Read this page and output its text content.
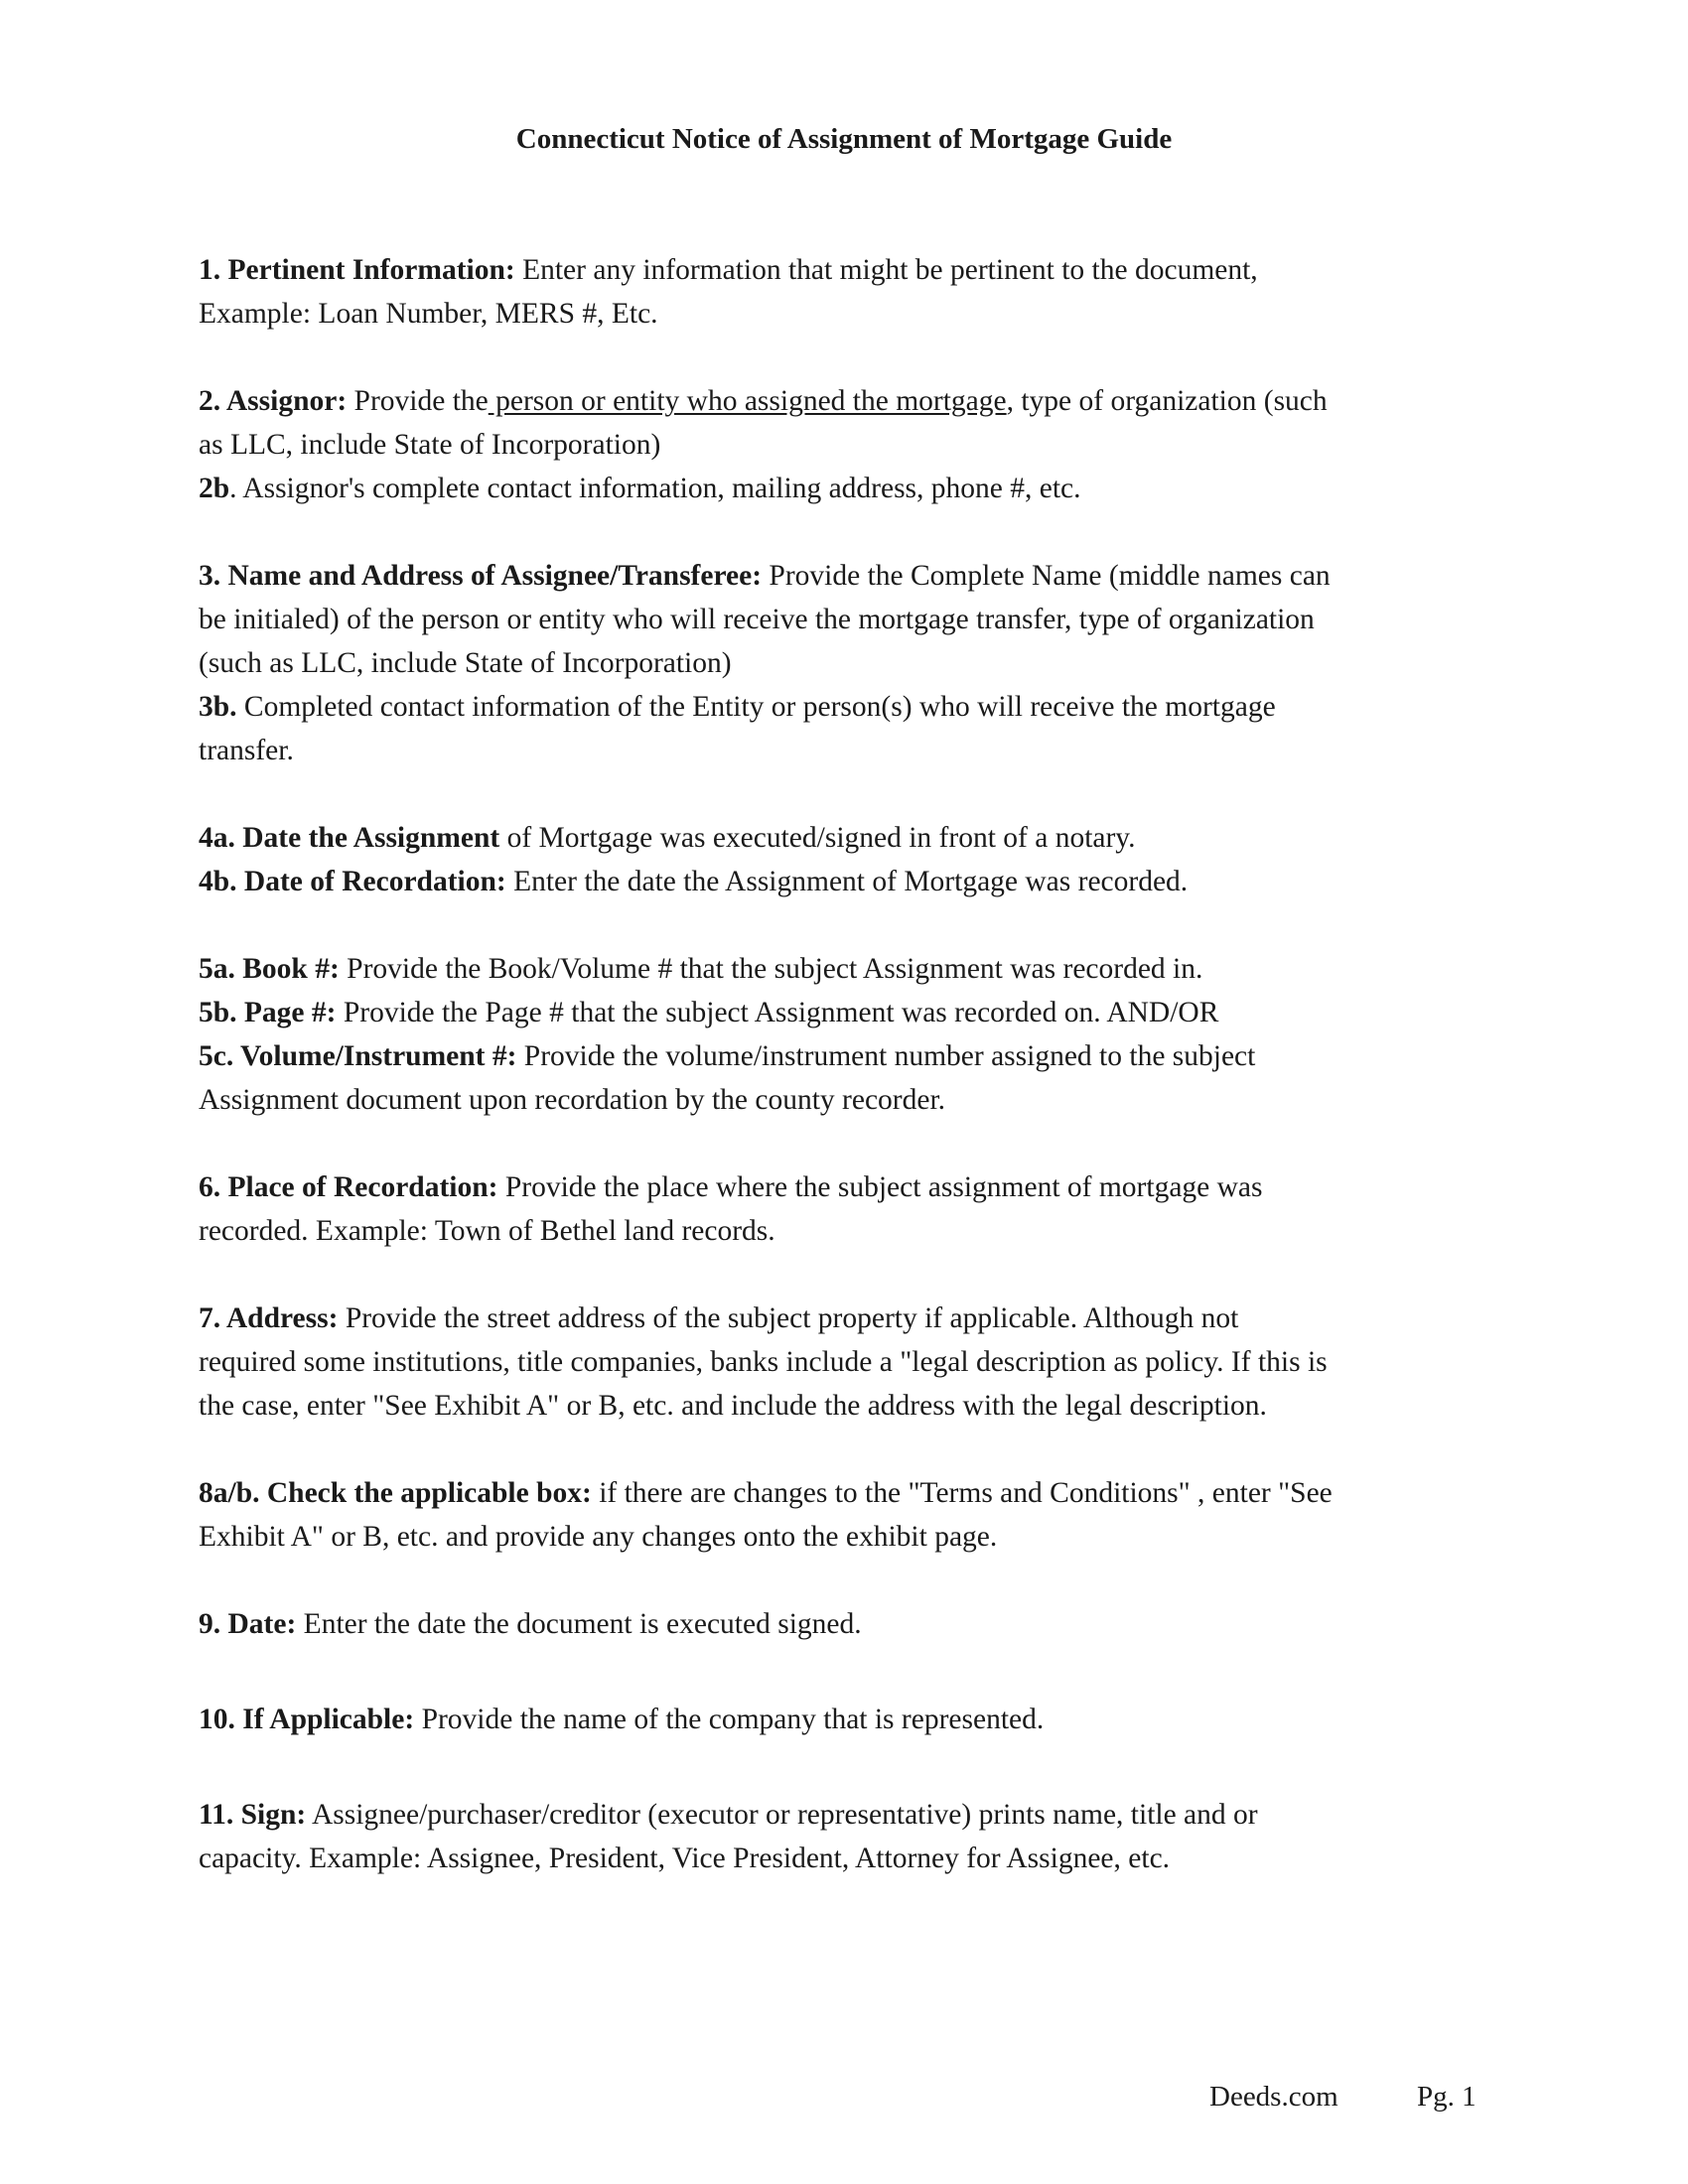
Connecticut Notice of Assignment of Mortgage Guide
1. Pertinent Information: Enter any information that might be pertinent to the document,
Example: Loan Number, MERS #, Etc.
2. Assignor: Provide the person or entity who assigned the mortgage, type of organization (such
as LLC, include State of Incorporation)
2b. Assignor's complete contact information, mailing address, phone #, etc.
3. Name and Address of Assignee/Transferee: Provide the Complete Name (middle names can
be initialed) of the person or entity who will receive the mortgage transfer, type of organization
(such as LLC, include State of Incorporation)
3b. Completed contact information of the Entity or person(s) who will receive the mortgage
transfer.
4a. Date the Assignment of Mortgage was executed/signed in front of a notary.
4b. Date of Recordation: Enter the date the Assignment of Mortgage was recorded.
5a. Book #: Provide the Book/Volume # that the subject Assignment was recorded in.
5b. Page #: Provide the Page # that the subject Assignment was recorded on. AND/OR
5c. Volume/Instrument #: Provide the volume/instrument number assigned to the subject
Assignment document upon recordation by the county recorder.
6. Place of Recordation: Provide the place where the subject assignment of mortgage was
recorded. Example: Town of Bethel land records.
7. Address: Provide the street address of the subject property if applicable. Although not
required some institutions, title companies, banks include a "legal description as policy. If this is
the case, enter "See Exhibit A" or B, etc. and include the address with the legal description.
8a/b. Check the applicable box: if there are changes to the "Terms and Conditions" , enter "See
Exhibit A" or B, etc. and provide any changes onto the exhibit page.
9. Date: Enter the date the document is executed signed.
10. If Applicable: Provide the name of the company that is represented.
11. Sign: Assignee/purchaser/creditor (executor or representative) prints name, title and or
capacity. Example: Assignee, President, Vice President, Attorney for Assignee, etc.
Deeds.com	Pg. 1
